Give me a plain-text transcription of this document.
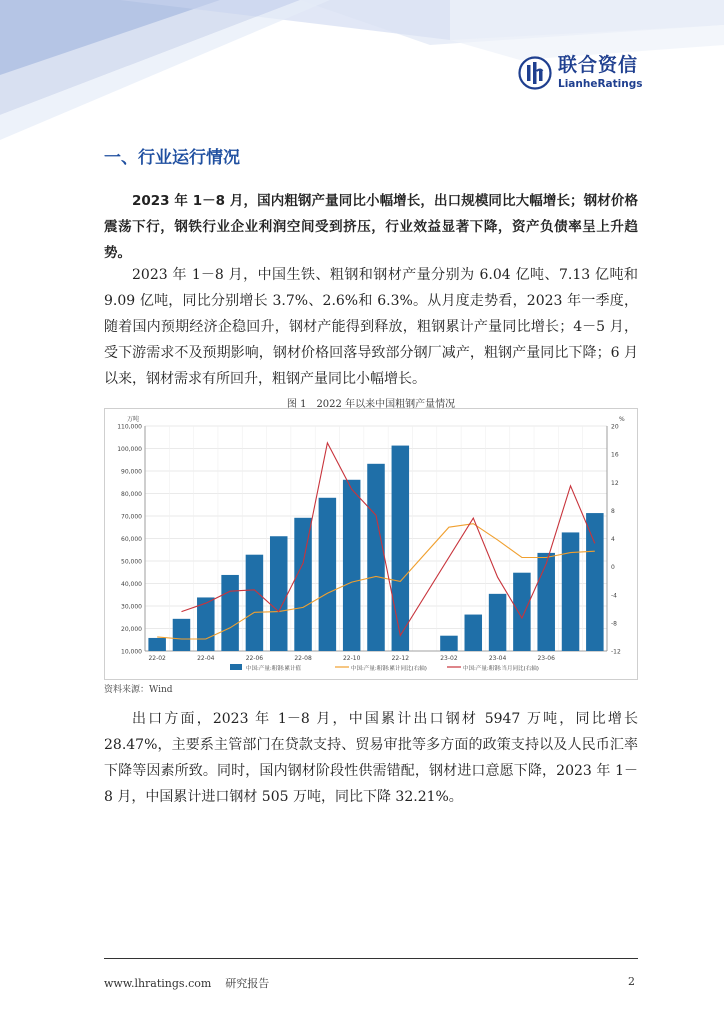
联合资信
LianheRatings
一、行业运行情况

2023 年 1－8 月，国内粗钢产量同比小幅增长，出口规模同比大幅增长；钢材价格震荡下行，钢铁行业企业利润空间受到挤压，行业效益显著下降，资产负债率呈上升趋势。

2023 年 1－8 月，中国生铁、粗钢和钢材产量分别为 6.04 亿吨、7.13 亿吨和 9.09 亿吨，同比分别增长 3.7%、2.6%和 6.3%。从月度走势看，2023 年一季度，随着国内预期经济企稳回升，钢材产能得到释放，粗钢累计产量同比增长；4－5 月，受下游需求不及预期影响，钢材价格回落导致部分钢厂减产，粗钢产量同比下降；6 月以来，钢材需求有所回升，粗钢产量同比小幅增长。

图 1　2022 年以来中国粗钢产量情况
10,000
20,000
30,000
40,000
50,000
60,000
70,000
80,000
90,000
100,000
110,000
-12
-8
-4
0
4
8
12
16
20
万吨	%
22-02	22-04	22-06	22-08	22-10	22-12	23-02	23-04	23-06
中国:产量:粗钢:累计值	中国:产量:粗钢:累计同比(右轴)	中国:产量:粗钢:当月同比(右轴)
资料来源：Wind

出口方面，2023 年 1－8 月，中国累计出口钢材 5947 万吨，同比增长 28.47%，主要系主管部门在贷款支持、贸易审批等多方面的政策支持以及人民币汇率下降等因素所致。同时，国内钢材阶段性供需错配，钢材进口意愿下降，2023 年 1－8 月，中国累计进口钢材 505 万吨，同比下降 32.21%。

www.lhratings.com 研究报告	2
